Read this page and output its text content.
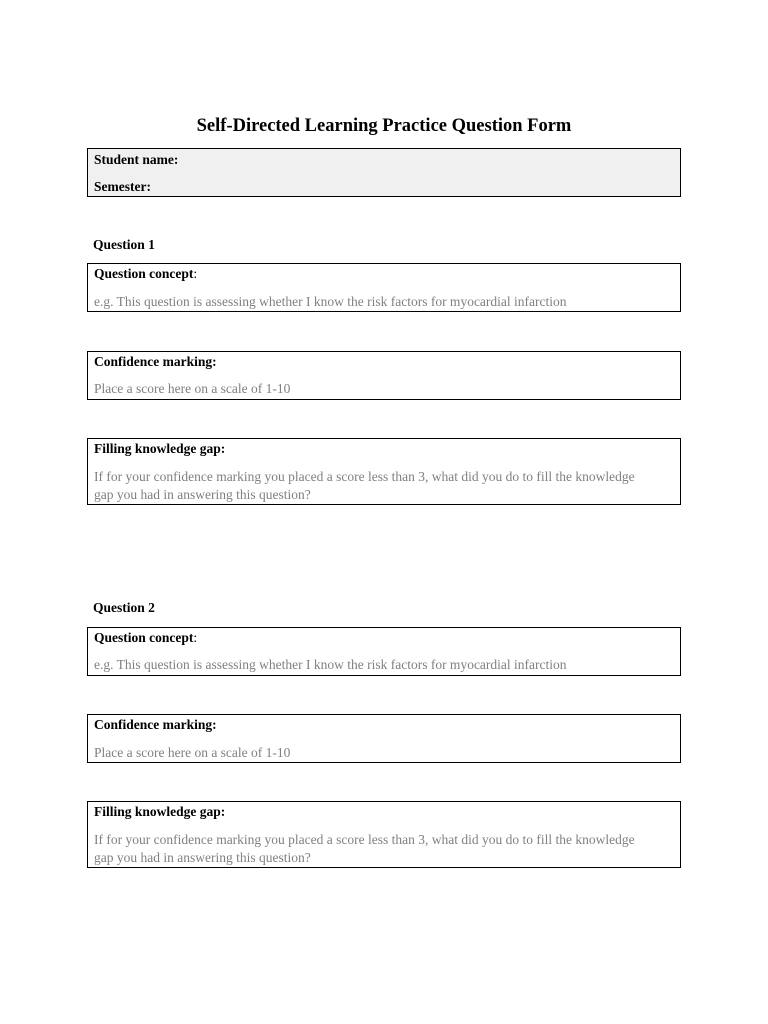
Self-Directed Learning Practice Question Form
Student name:
Semester:
Question 1
Question concept:
e.g. This question is assessing whether I know the risk factors for myocardial infarction
Confidence marking:
Place a score here on a scale of 1-10
Filling knowledge gap:
If for your confidence marking you placed a score less than 3, what did you do to fill the knowledge gap you had in answering this question?
Question 2
Question concept:
e.g. This question is assessing whether I know the risk factors for myocardial infarction
Confidence marking:
Place a score here on a scale of 1-10
Filling knowledge gap:
If for your confidence marking you placed a score less than 3, what did you do to fill the knowledge gap you had in answering this question?
